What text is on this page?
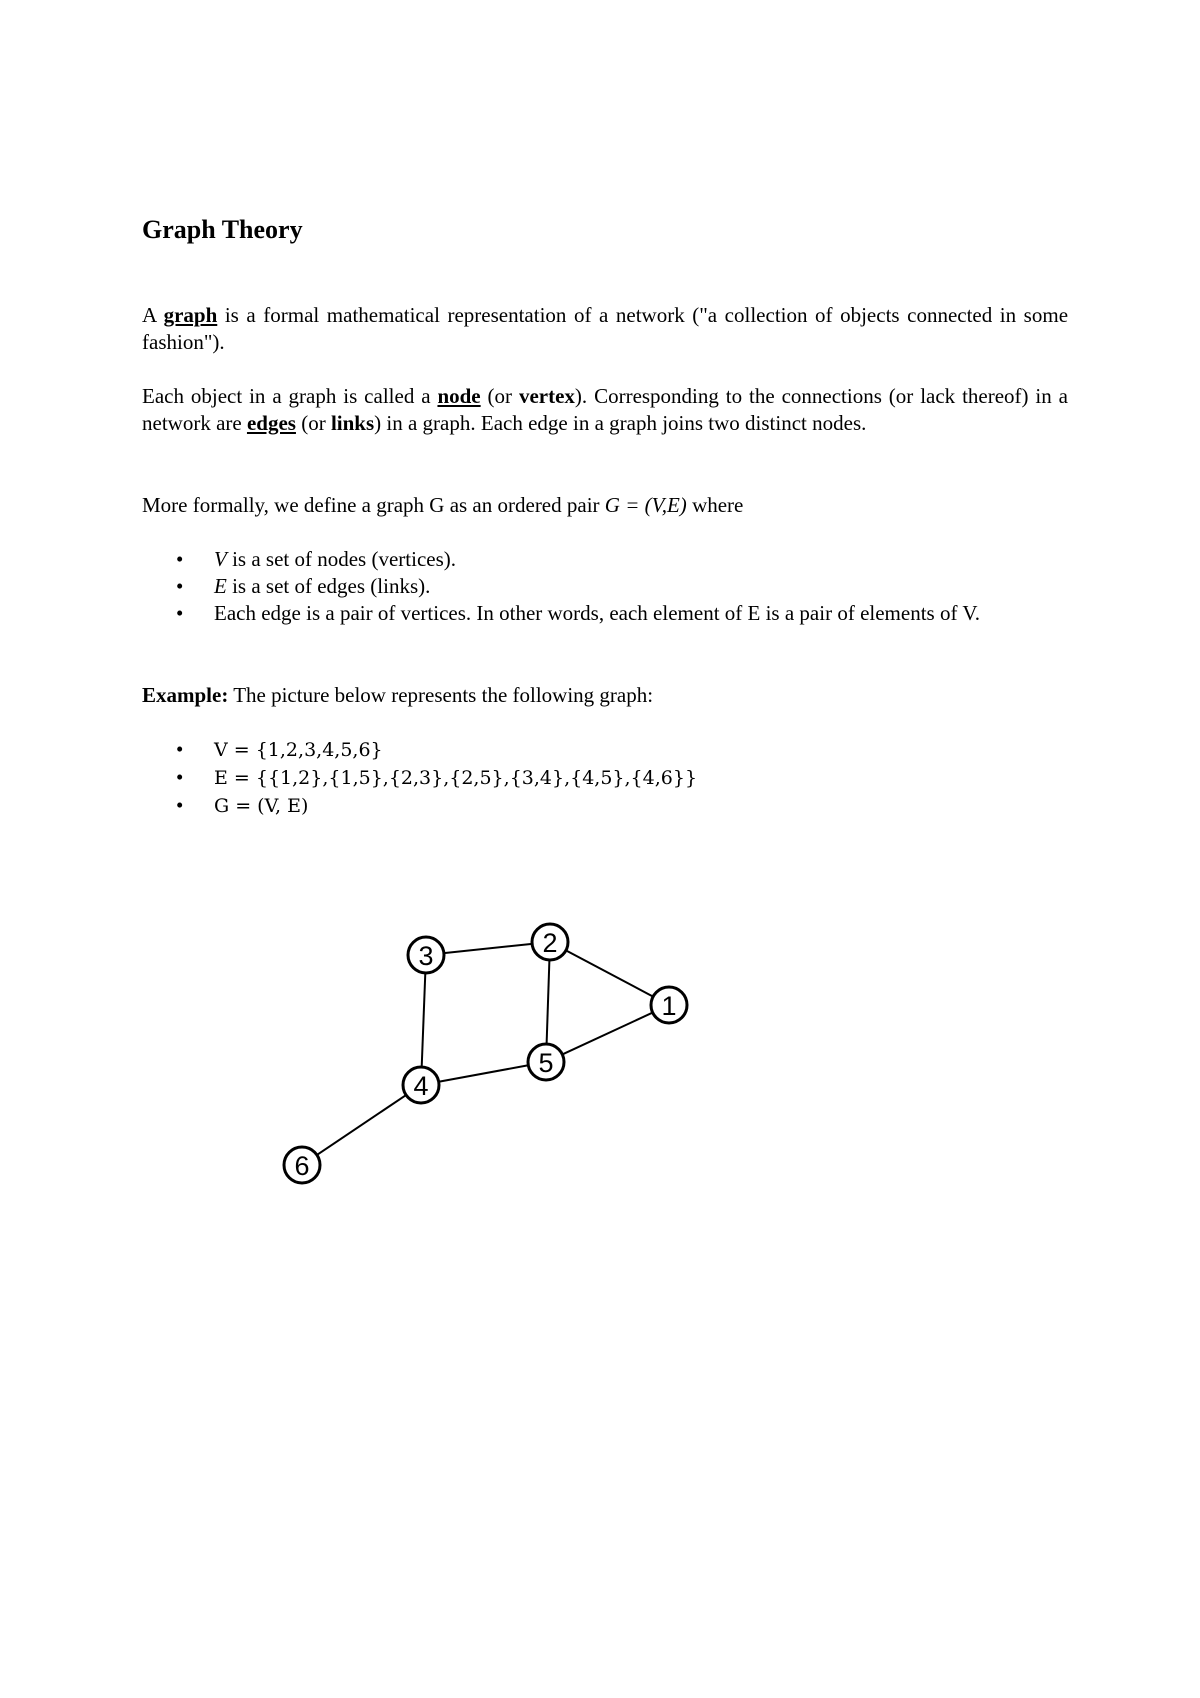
Graph Theory

A graph is a formal mathematical representation of a network ("a collection of objects connected in some fashion").

Each object in a graph is called a node (or vertex). Corresponding to the connections (or lack thereof) in a network are edges (or links) in a graph. Each edge in a graph joins two distinct nodes.

More formally, we define a graph G as an ordered pair G = (V,E) where

• V is a set of nodes (vertices).
• E is a set of edges (links).
• Each edge is a pair of vertices. In other words, each element of E is a pair of elements of V.

Example: The picture below represents the following graph:

• V = {1,2,3,4,5,6}
• E = {{1,2},{1,5},{2,3},{2,5},{3,4},{4,5},{4,6}}
• G = (V, E)
1
2
3
4
5
6
